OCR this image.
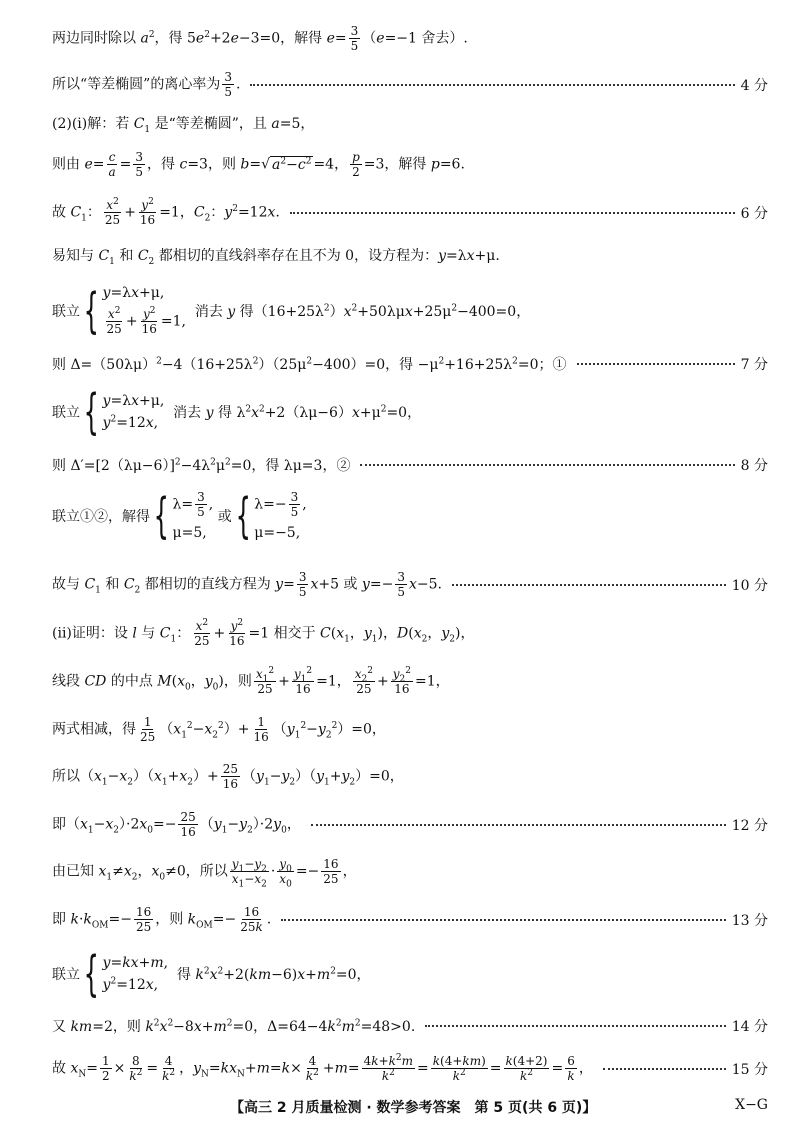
两边同时除以 $a^2$，得 $5e^2+2e-3=0$，解得 $e= \frac{3}{5} (e=-1$ 舍去）.
所以“等差椭圆”的离心率为 $\frac{3}{5}$ .	4 分
(2)(ⅰ)解：若 $C_1$ 是“等差椭圆”，且 a=5，
则由 $e= \frac{c}{a} = \frac{3}{5}$ ，得 c=3，则 b=√ $a^2-c^2 =4$， $\frac{p}{2} =3$，解得 p=6.
故 $C_1$： $\frac{x^2}{25} + \frac{y^2}{16} =1$，$C_2$：$y^2=12x$.	6 分
易知与 $C_1$ 和 $C_2$ 都相切的直线斜率存在且不为 0，设方程为：y=λx+μ.
联立 { y=λx+μ,
$\frac{x^2}{25} + \frac{y^2}{16} =1$,
消去 y 得$(16+25\lambda^2)x^2+50\lambda\mu x+25\mu^2-400=0$，
则 $\Delta=(50\lambda\mu)^2-4(16+25\lambda^2)(25\mu^2-400)=0$，得 $-\mu^2+16+25\lambda^2=0$；①	7 分
联立 { y=λx+μ,
$y^2=12x$,
消去 y 得 $\lambda^2x^2+2(\lambda\mu-6)x+\mu^2=0$，
则 $\Delta'=[2(\lambda\mu-6)]^2-4\lambda^2\mu^2=0$，得 λμ=3，②	8 分
联立①②，解得 { $\lambda= \frac{3}{5}$ ,
μ=5,
或 { $\lambda=- \frac{3}{5}$ ,
μ=−5,
故与 $C_1$ 和 $C_2$ 都相切的直线方程为 $y= \frac{3}{5} x+5$ 或 $y=- \frac{3}{5} x-5$.	10 分
(ⅱ)证明：设 l 与 $C_1$： $\frac{x^2}{25} + \frac{y^2}{16} =1$ 相交于 $C(x_1$，$y_1$)，$D(x_2$，$y_2$)，
线段 CD 的中点 $M(x_0$，$y_0$)，则 $\frac{x_1^2}{25} + \frac{y_1^2}{16} =1$， $\frac{x_2^2}{25} + \frac{y_2^2}{16} =1$，
两式相减，得 $\frac{1}{25} (x_1^2-x_2^2)+ \frac{1}{16} (y_1^2-y_2^2)=0$，
所以$(x_1-x_2)(x_1+x_2)+ \frac{25}{16} (y_1-y_2)(y_1+y_2)=0$，
即$(x_1-x_2)\cdot 2x_0=- \frac{25}{16} (y_1-y_2)\cdot 2y_0$，	12 分
由已知 $x_1\ne x_2$，$x_0\ne 0$，所以 $\frac{y_1-y_2}{x_1-x_2} \cdot \frac{y_0}{x_0} =- \frac{16}{25}$ ，
即 $k\cdot k_{OM}=- \frac{16}{25}$ ，则 $k_{OM}=- \frac{16}{25k}$ .	13 分
联立 { y=kx+m,
$y^2=12x$,
得 $k^2x^2+2(km-6)x+m^2=0$，
又 km=2，则 $k^2x^2-8x+m^2=0$，$\Delta=64-4k^2m^2=48>0$.	14 分
故 $x_N= \frac{1}{2} \times \frac{8}{k^2} = \frac{4}{k^2}$ ，$y_N=kx_N+m=k\times \frac{4}{k^2} +m= \frac{4k+k^2m}{k^2} = \frac{k(4+km)}{k^2} = \frac{k(4+2)}{k^2} = \frac{6}{k}$ ，	15 分
【高三 2 月质量检测 · 数学参考答案　第 5 页(共 6 页)】	X−G
